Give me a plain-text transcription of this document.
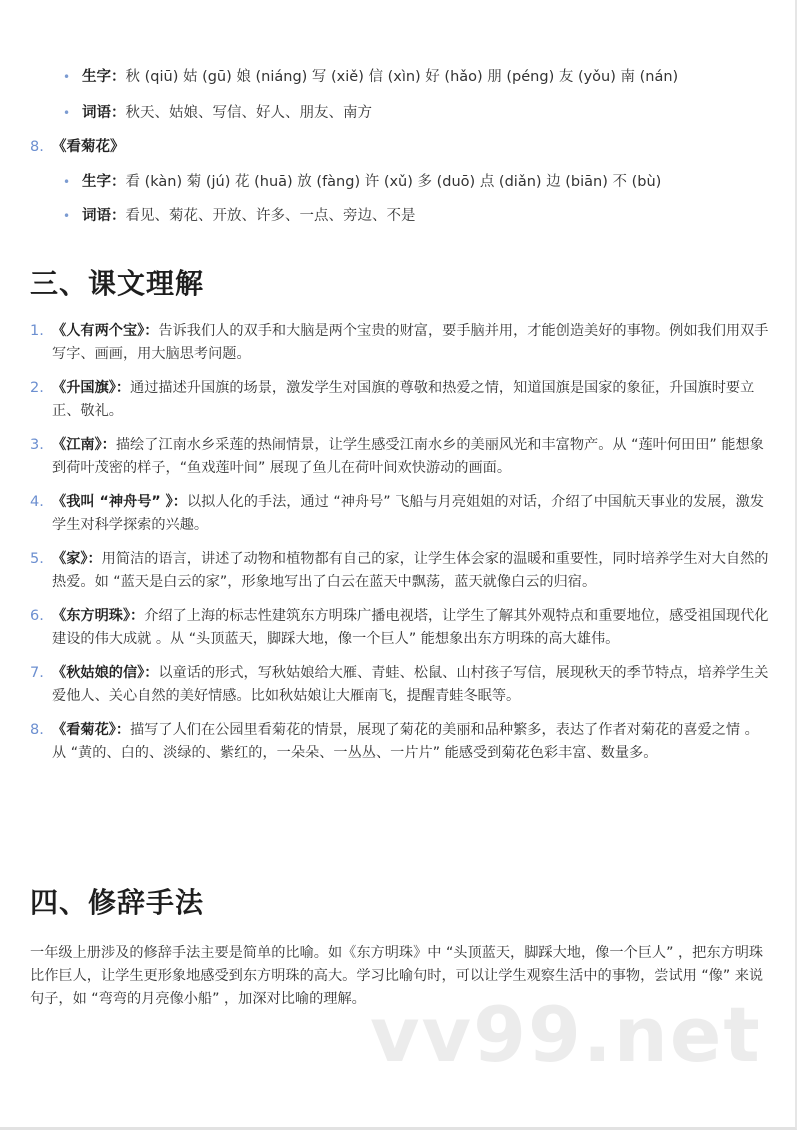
• 生字：秋 (qiū) 姑 (gū) 娘 (niáng) 写 (xiě) 信 (xìn) 好 (hǎo) 朋 (péng) 友 (yǒu) 南 (nán)
• 词语：秋天、姑娘、写信、好人、朋友、南方
8. 《看菊花》
• 生字：看 (kàn) 菊 (jú) 花 (huā) 放 (fàng) 许 (xǔ) 多 (duō) 点 (diǎn) 边 (biān) 不 (bù)
• 词语：看见、菊花、开放、许多、一点、旁边、不是
三、课文理解
1. 《人有两个宝》：告诉我们人的双手和大脑是两个宝贵的财富，要手脑并用，才能创造美好的事物。例如我们用双手写字、画画，用大脑思考问题。
2. 《升国旗》：通过描述升国旗的场景，激发学生对国旗的尊敬和热爱之情，知道国旗是国家的象征，升国旗时要立正、敬礼。
3. 《江南》：描绘了江南水乡采莲的热闹情景，让学生感受江南水乡的美丽风光和丰富物产。从 “莲叶何田田” 能想象到荷叶茂密的样子，“鱼戏莲叶间” 展现了鱼儿在荷叶间欢快游动的画面。
4. 《我叫 “神舟号” 》：以拟人化的手法，通过 “神舟号” 飞船与月亮姐姐的对话，介绍了中国航天事业的发展，激发学生对科学探索的兴趣。
5. 《家》：用简洁的语言，讲述了动物和植物都有自己的家，让学生体会家的温暖和重要性，同时培养学生对大自然的热爱。如 “蓝天是白云的家”，形象地写出了白云在蓝天中飘荡，蓝天就像白云的归宿。
6. 《东方明珠》：介绍了上海的标志性建筑东方明珠广播电视塔，让学生了解其外观特点和重要地位，感受祖国现代化建设的伟大成就 。从 “头顶蓝天，脚踩大地，像一个巨人” 能想象出东方明珠的高大雄伟。
7. 《秋姑娘的信》：以童话的形式，写秋姑娘给大雁、青蛙、松鼠、山村孩子写信，展现秋天的季节特点，培养学生关爱他人、关心自然的美好情感。比如秋姑娘让大雁南飞，提醒青蛙冬眠等。
8. 《看菊花》：描写了人们在公园里看菊花的情景，展现了菊花的美丽和品种繁多，表达了作者对菊花的喜爱之情 。从 “黄的、白的、淡绿的、紫红的，一朵朵、一丛丛、一片片” 能感受到菊花色彩丰富、数量多。
四、修辞手法

一年级上册涉及的修辞手法主要是简单的比喻。如《东方明珠》中 “头顶蓝天，脚踩大地，像一个巨人” ，把东方明珠比作巨人，让学生更形象地感受到东方明珠的高大。学习比喻句时，可以让学生观察生活中的事物，尝试用 “像” 来说句子，如 “弯弯的月亮像小船” ，加深对比喻的理解。 vv99.net
